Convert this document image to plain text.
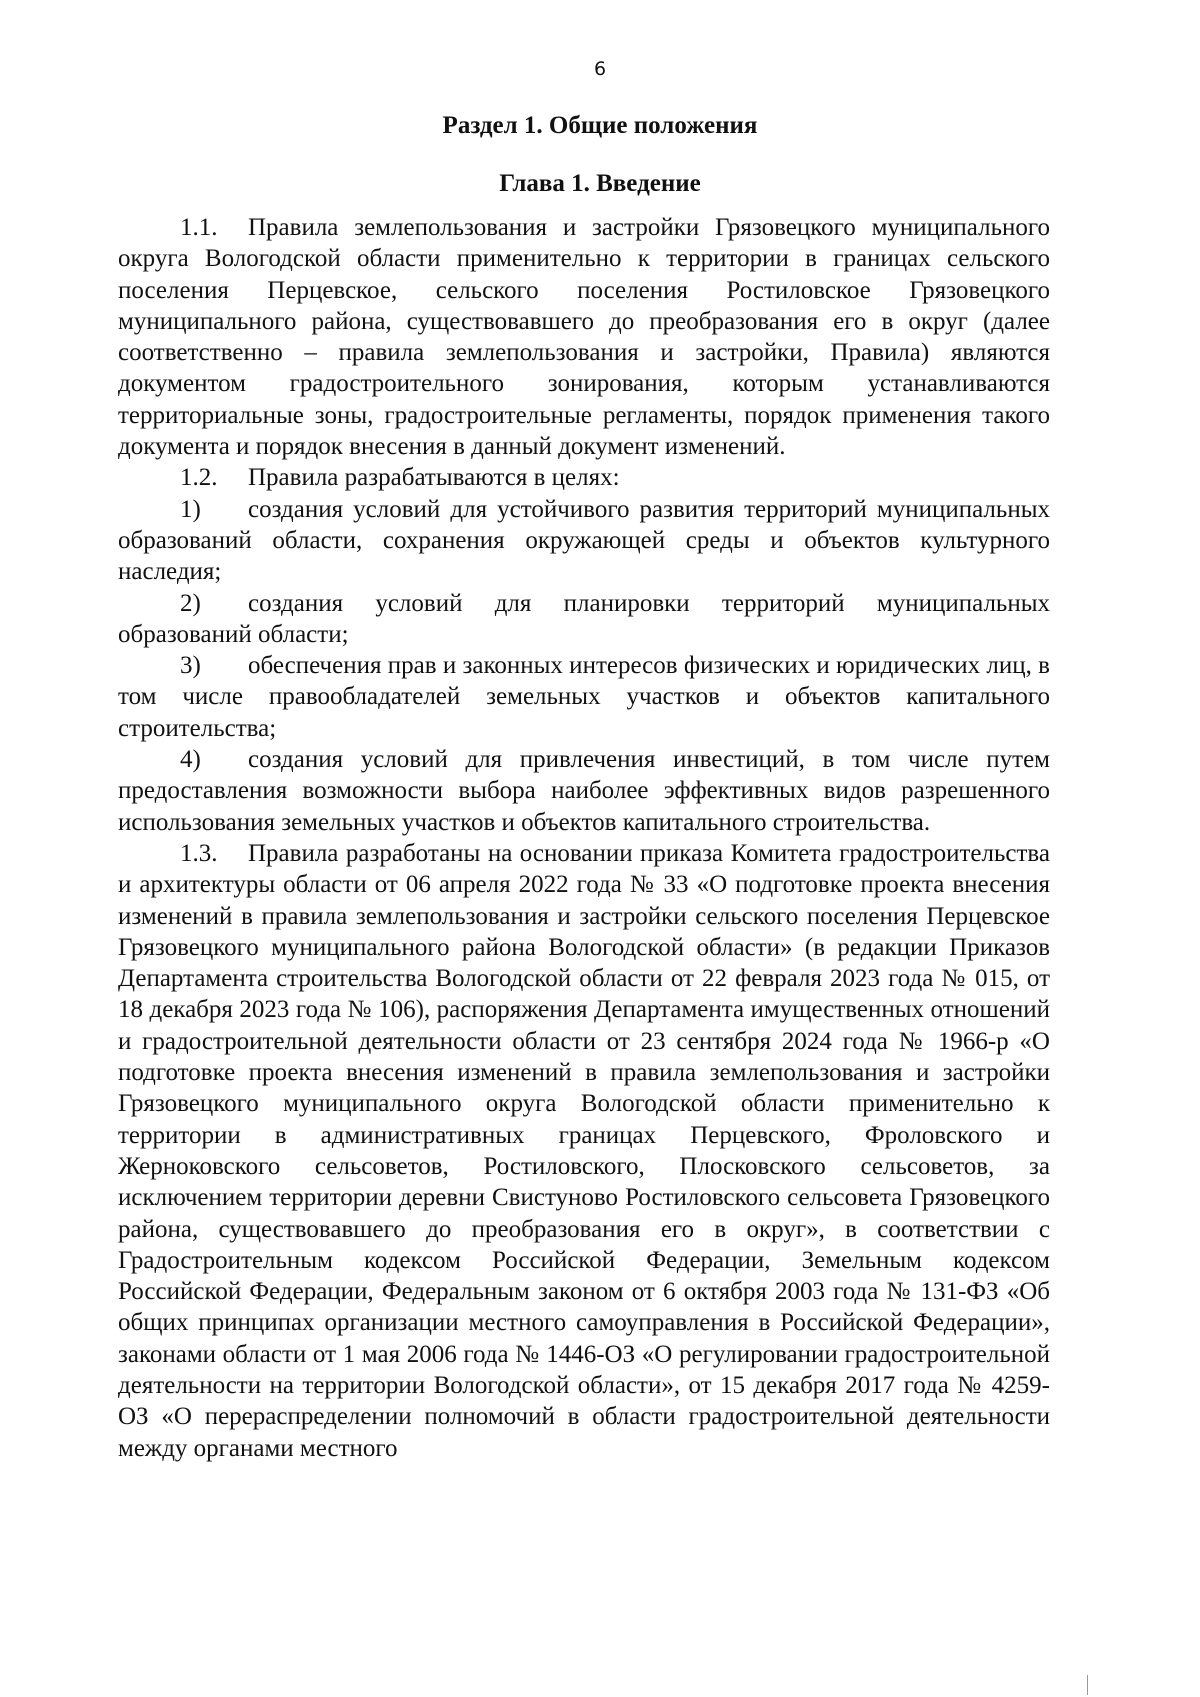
6
Раздел 1. Общие положения
Глава 1. Введение

1.1. Правила землепользования и застройки Грязовецкого муниципального округа Вологодской области применительно к территории в границах сельского поселения Перцевское, сельского поселения Ростиловское Грязовецкого муниципального района, существовавшего до преобразования его в округ (далее соответственно – правила землепользования и застройки, Правила) являются документом градостроительного зонирования, которым устанавливаются территориальные зоны, градостроительные регламенты, порядок применения такого документа и порядок внесения в данный документ изменений.

1.2. Правила разрабатываются в целях:

1) создания условий для устойчивого развития территорий муниципальных образований области, сохранения окружающей среды и объектов культурного наследия;

2) создания условий для планировки территорий муниципальных образований области;

3) обеспечения прав и законных интересов физических и юридических лиц, в том числе правообладателей земельных участков и объектов капитального строительства;

4) создания условий для привлечения инвестиций, в том числе путем предоставления возможности выбора наиболее эффективных видов разрешенного использования земельных участков и объектов капитального строительства.

1.3. Правила разработаны на основании приказа Комитета градостроительства и архитектуры области от 06 апреля 2022 года № 33 «О подготовке проекта внесения изменений в правила землепользования и застройки сельского поселения Перцевское Грязовецкого муниципального района Вологодской области» (в редакции Приказов Департамента строительства Вологодской области от 22 февраля 2023 года № 015, от 18 декабря 2023 года № 106), распоряжения Департамента имущественных отношений и градостроительной деятельности области от 23 сентября 2024 года № 1966-р «О подготовке проекта внесения изменений в правила землепользования и застройки Грязовецкого муниципального округа Вологодской области применительно к территории в административных границах Перцевского, Фроловского и Жерноковского сельсоветов, Ростиловского, Плосковского сельсоветов, за исключением территории деревни Свистуново Ростиловского сельсовета Грязовецкого района, существовавшего до преобразования его в округ», в соответствии с Градостроительным кодексом Российской Федерации, Земельным кодексом Российской Федерации, Федеральным законом от 6 октября 2003 года № 131-ФЗ «Об общих принципах организации местного самоуправления в Российской Федерации», законами области от 1 мая 2006 года № 1446-ОЗ «О регулировании градостроительной деятельности на территории Вологодской области», от 15 декабря 2017 года № 4259-ОЗ «О перераспределении полномочий в области градостроительной деятельности между органами местного
